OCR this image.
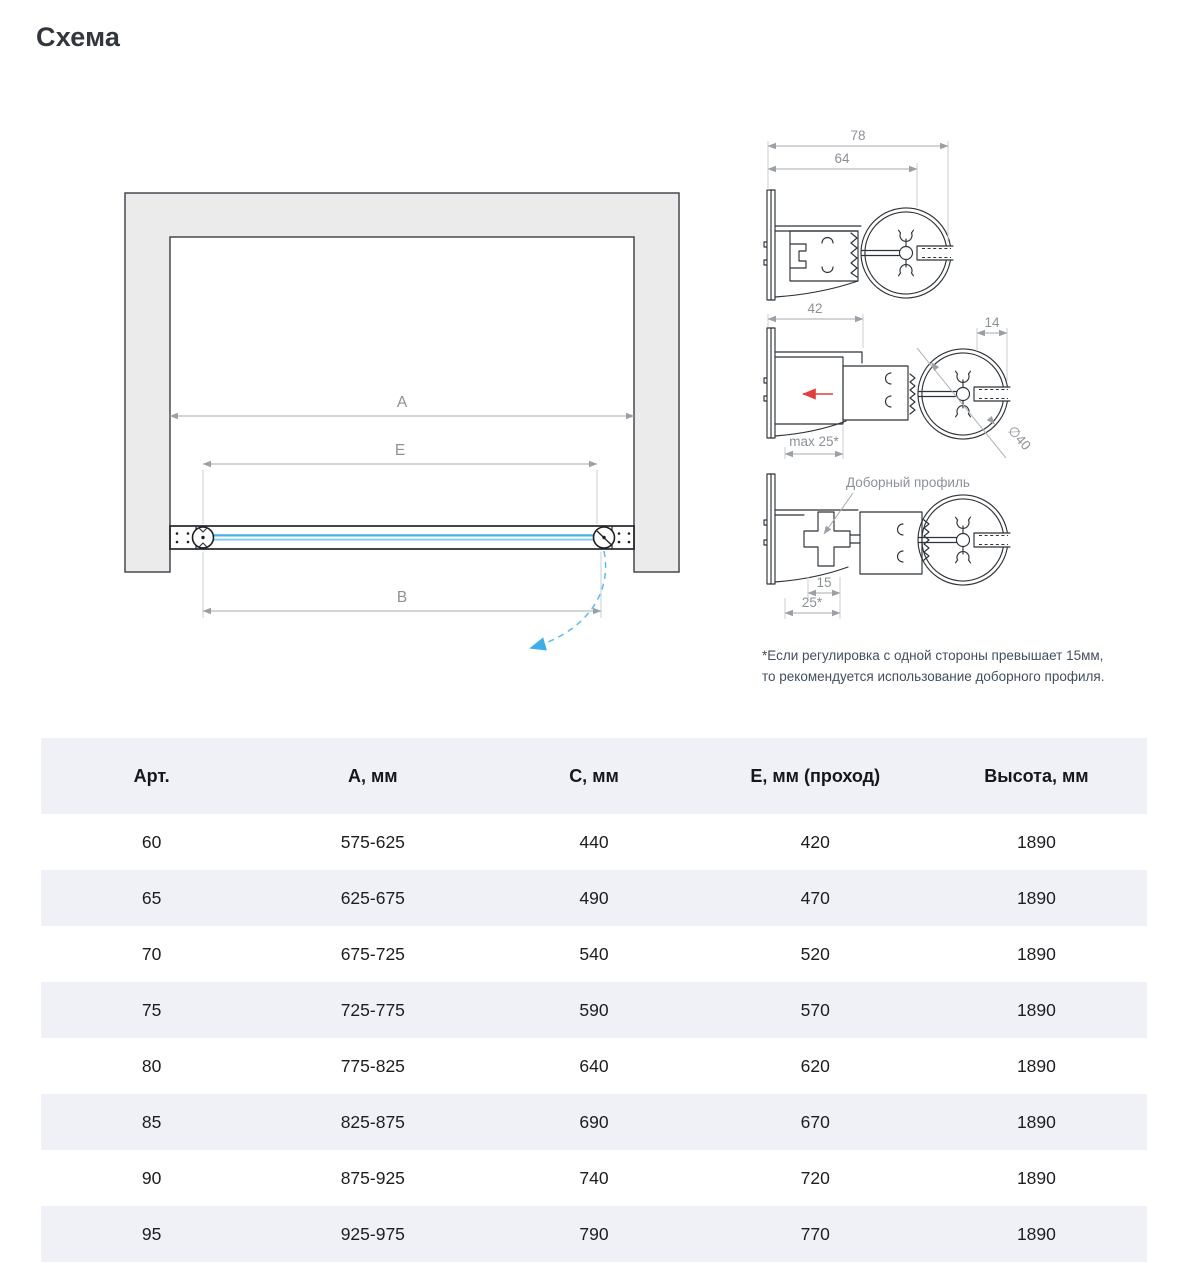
Схема
A
E
B
78
64
42
14
max 25*	∅40
Доборный профиль
15
25*
*Если регулировка с одной стороны превышает 15мм,
то рекомендуется использование доборного профиля.
Арт.	А, мм	С, мм	Е, мм (проход)	Высота, мм
60	575-625	440	420	1890
65	625-675	490	470	1890
70	675-725	540	520	1890
75	725-775	590	570	1890
80	775-825	640	620	1890
85	825-875	690	670	1890
90	875-925	740	720	1890
95	925-975	790	770	1890
